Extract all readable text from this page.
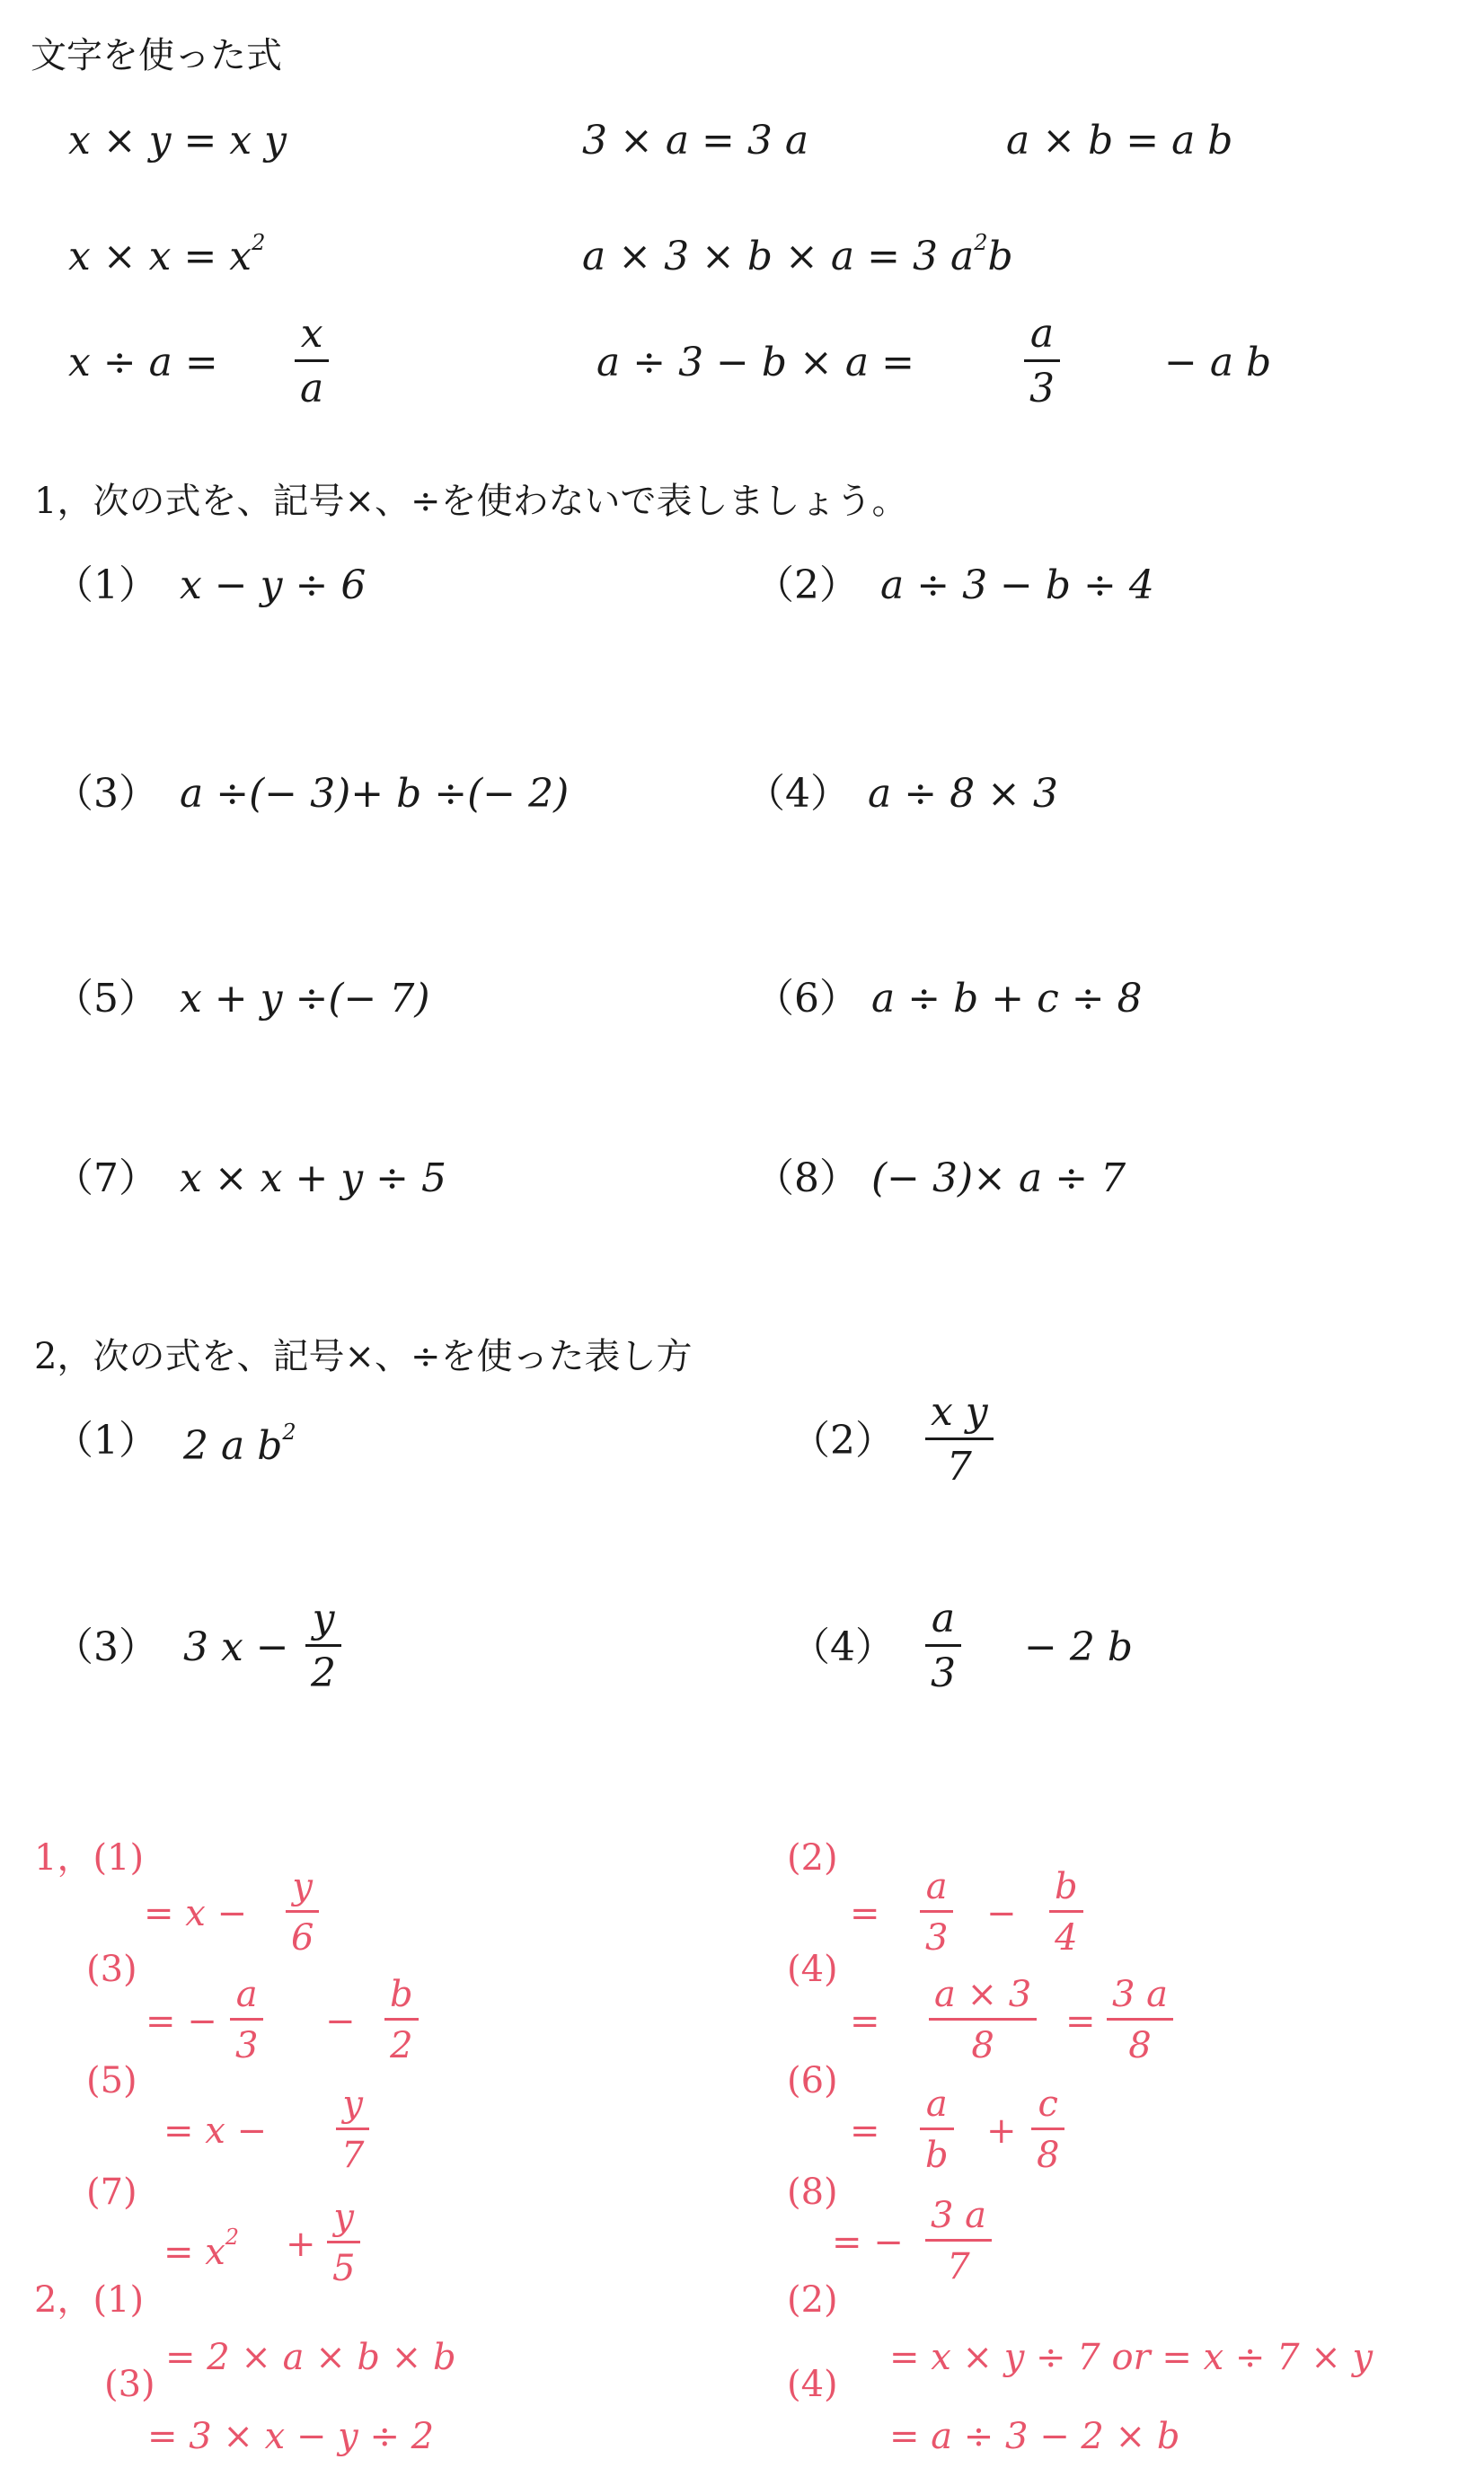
文字を使った式
x × y = x y	3 × a = 3 a	a × b = a b
$x \times x = x^2$	a × 3 × b × a = 3 $a^2b$
$x \div a = \frac{x}{a}$	a ÷ 3 − b × a =	$\frac{a}{3}$	− a b
1，次の式を、記号×、÷を使わないで表しましょう。
（1） x − y ÷ 6	（2） a ÷ 3 − b ÷ 4
（3） a ÷(− 3)+ b ÷(− 2)	（4） a ÷ 8 × 3
（5） x + y ÷(− 7)	（6） a ÷ b + c ÷ 8
（7） x × x + y ÷ 5	（8） (− 3)× a ÷ 7
2，次の式を、記号×、÷を使った表し方
（1） 2 a $b^2$	$(2) \frac{\text{x y}}{7}$
（3） 3 $x - \frac{y}{2}$	$(4) \frac{a}{3} - 2$ b
1，(1)
= $x - \frac{y}{6}$
(3)
= − $\frac{a}{3} - \frac{b}{2}$
(5)
= $x - \frac{y}{7}$
(7)
= $x^2 + \frac{y}{5}$
2，(1)
= 2 × a × b × b
(3)
= 3 × x − y ÷ 2
(2)
= $\frac{a}{3} - \frac{b}{4}$
(4)
= $\frac{a \times 3}{8} = \frac{3 a}{8}$
(6)
= $\frac{a}{b} + \frac{c}{8}$
(8)
= − $\frac{3 a}{7}$
(2)
= x × y ÷ 7 or = x ÷ 7 × y
(4)
= a ÷ 3 − 2 × b
